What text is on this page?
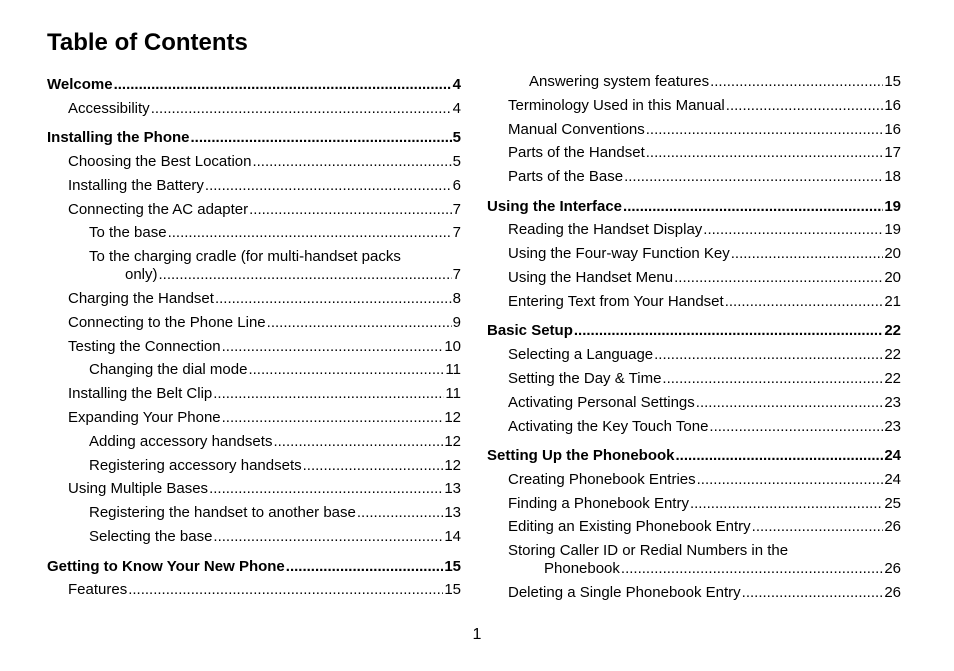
Table of Contents
Welcome .....	4
Accessibility .....	4
Installing the Phone .....	5
Choosing the Best Location .....	5
Installing the Battery .....	6
Connecting the AC adapter .....	7
To the base .....	7
To the charging cradle (for multi-handset packs
only) .....	7
Charging the Handset .....	8
Connecting to the Phone Line .....	9
Testing the Connection .....	10
Changing the dial mode .....	11
Installing the Belt Clip .....	11
Expanding Your Phone .....	12
Adding accessory handsets .....	12
Registering accessory handsets .....	12
Using Multiple Bases .....	13
Registering the handset to another base .....	13
Selecting the base .....	14
Getting to Know Your New Phone .....	15
Features .....	15
Answering system features .....	15
Terminology Used in this Manual .....	16
Manual Conventions .....	16
Parts of the Handset .....	17
Parts of the Base .....	18
Using the Interface .....	19
Reading the Handset Display .....	19
Using the Four-way Function Key .....	20
Using the Handset Menu .....	20
Entering Text from Your Handset .....	21
Basic Setup .....	22
Selecting a Language .....	22
Setting the Day & Time .....	22
Activating Personal Settings .....	23
Activating the Key Touch Tone .....	23
Setting Up the Phonebook .....	24
Creating Phonebook Entries .....	24
Finding a Phonebook Entry .....	25
Editing an Existing Phonebook Entry .....	26
Storing Caller ID or Redial Numbers in the
Phonebook .....	26
Deleting a Single Phonebook Entry .....	26

1
